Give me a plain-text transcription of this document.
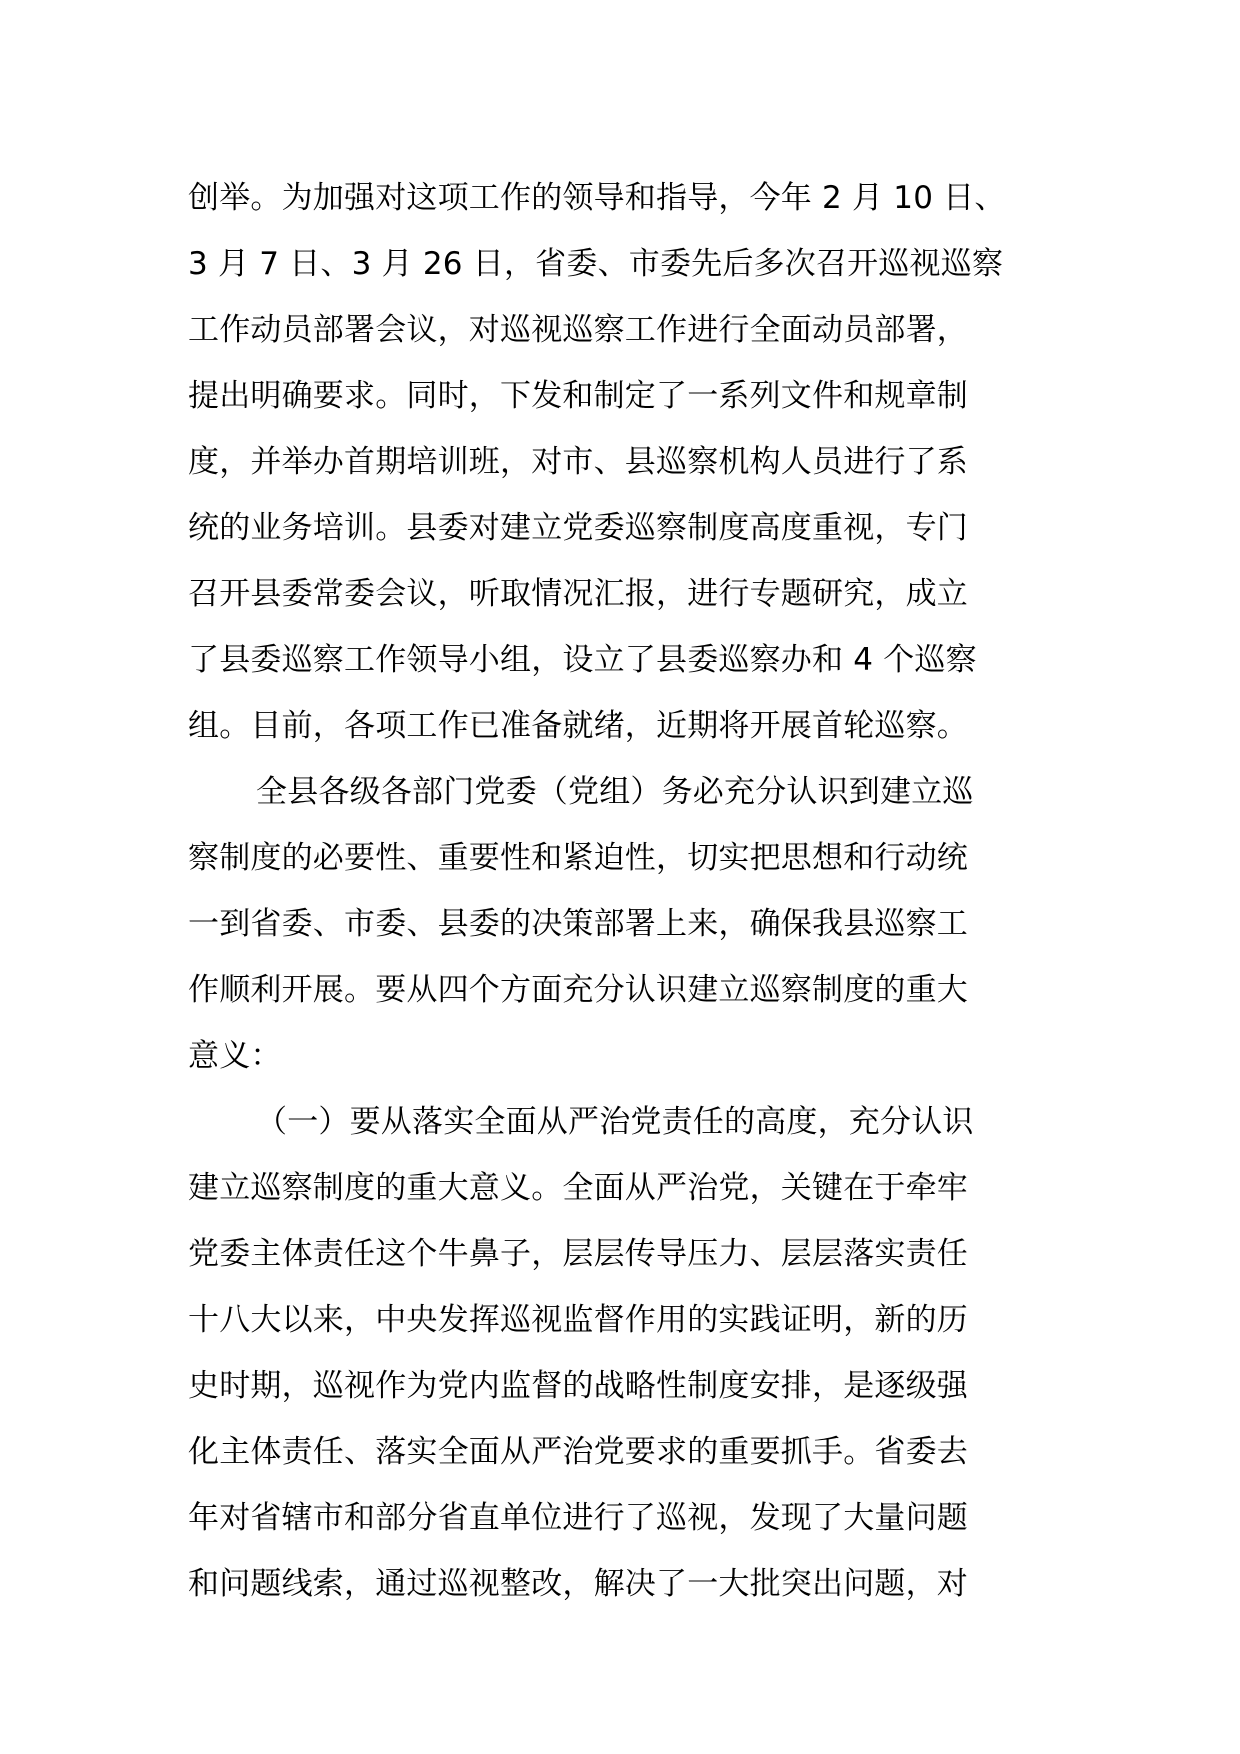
创举。为加强对这项工作的领导和指导，今年 2 月 10 日、
3 月 7 日、3 月 26 日，省委、市委先后多次召开巡视巡察
工作动员部署会议，对巡视巡察工作进行全面动员部署，
提出明确要求。同时，下发和制定了一系列文件和规章制
度，并举办首期培训班，对市、县巡察机构人员进行了系
统的业务培训。县委对建立党委巡察制度高度重视，专门
召开县委常委会议，听取情况汇报，进行专题研究，成立
了县委巡察工作领导小组，设立了县委巡察办和 4 个巡察
组。目前，各项工作已准备就绪，近期将开展首轮巡察。
全县各级各部门党委（党组）务必充分认识到建立巡
察制度的必要性、重要性和紧迫性，切实把思想和行动统
一到省委、市委、县委的决策部署上来，确保我县巡察工
作顺利开展。要从四个方面充分认识建立巡察制度的重大
意义：
（一）要从落实全面从严治党责任的高度，充分认识
建立巡察制度的重大意义。全面从严治党，关键在于牵牢
党委主体责任这个牛鼻子，层层传导压力、层层落实责任
十八大以来，中央发挥巡视监督作用的实践证明，新的历
史时期，巡视作为党内监督的战略性制度安排，是逐级强
化主体责任、落实全面从严治党要求的重要抓手。省委去
年对省辖市和部分省直单位进行了巡视，发现了大量问题
和问题线索，通过巡视整改，解决了一大批突出问题，对
